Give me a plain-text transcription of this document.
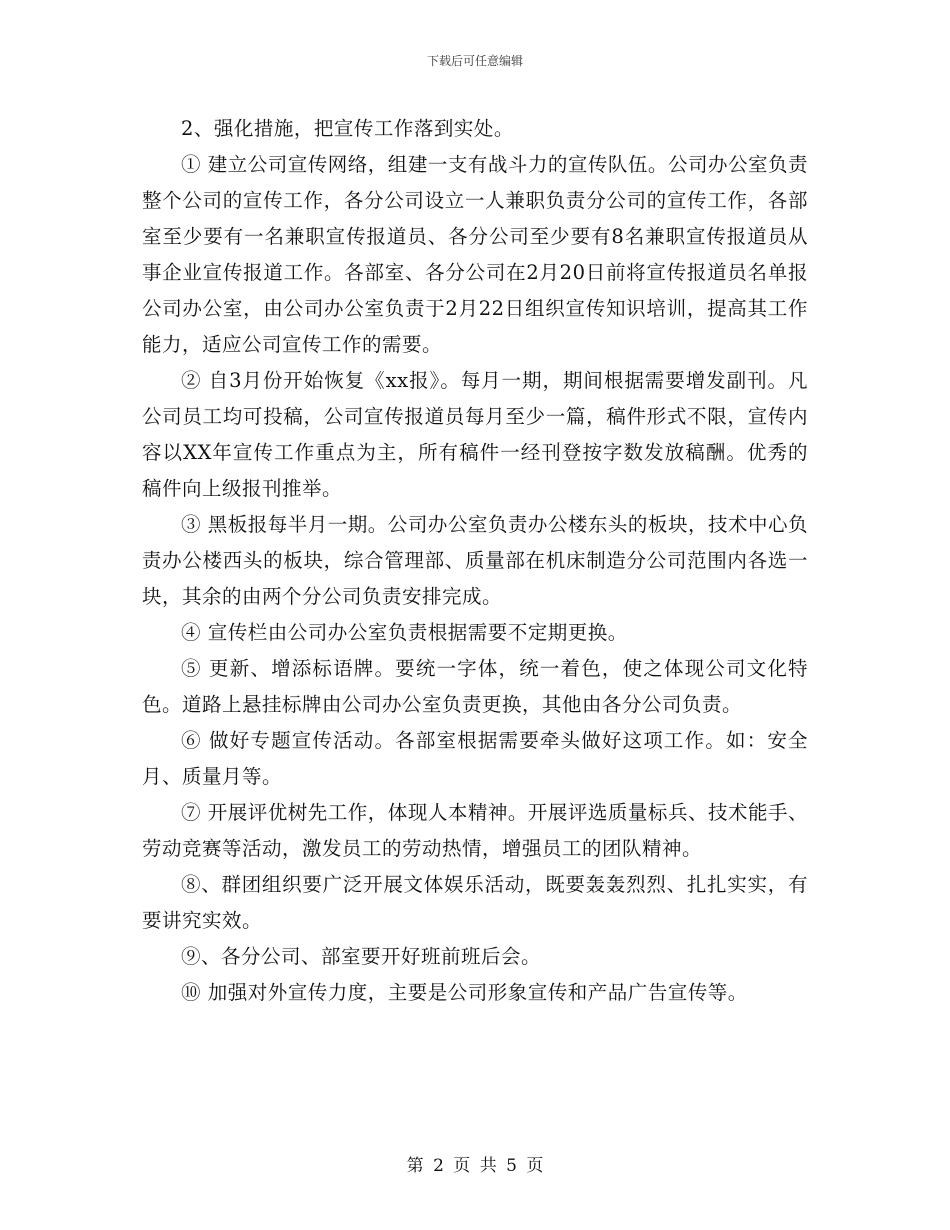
下载后可任意编辑

2、强化措施，把宣传工作落到实处。

① 建立公司宣传网络，组建一支有战斗力的宣传队伍。公司办公室负责整个公司的宣传工作，各分公司设立一人兼职负责分公司的宣传工作，各部室至少要有一名兼职宣传报道员、各分公司至少要有8名兼职宣传报道员从事企业宣传报道工作。各部室、各分公司在2月20日前将宣传报道员名单报公司办公室，由公司办公室负责于2月22日组织宣传知识培训，提高其工作能力，适应公司宣传工作的需要。

② 自3月份开始恢复《xx报》。每月一期，期间根据需要增发副刊。凡公司员工均可投稿，公司宣传报道员每月至少一篇，稿件形式不限，宣传内容以XX年宣传工作重点为主，所有稿件一经刊登按字数发放稿酬。优秀的稿件向上级报刊推举。

③ 黑板报每半月一期。公司办公室负责办公楼东头的板块，技术中心负责办公楼西头的板块，综合管理部、质量部在机床制造分公司范围内各选一块，其余的由两个分公司负责安排完成。

④ 宣传栏由公司办公室负责根据需要不定期更换。

⑤ 更新、增添标语牌。要统一字体，统一着色，使之体现公司文化特色。道路上悬挂标牌由公司办公室负责更换，其他由各分公司负责。

⑥ 做好专题宣传活动。各部室根据需要牵头做好这项工作。如：安全月、质量月等。

⑦ 开展评优树先工作，体现人本精神。开展评选质量标兵、技术能手、劳动竞赛等活动，激发员工的劳动热情，增强员工的团队精神。

⑧、群团组织要广泛开展文体娱乐活动，既要轰轰烈烈、扎扎实实，有要讲究实效。

⑨、各分公司、部室要开好班前班后会。

⑩ 加强对外宣传力度，主要是公司形象宣传和产品广告宣传等。

第 2 页 共 5 页
